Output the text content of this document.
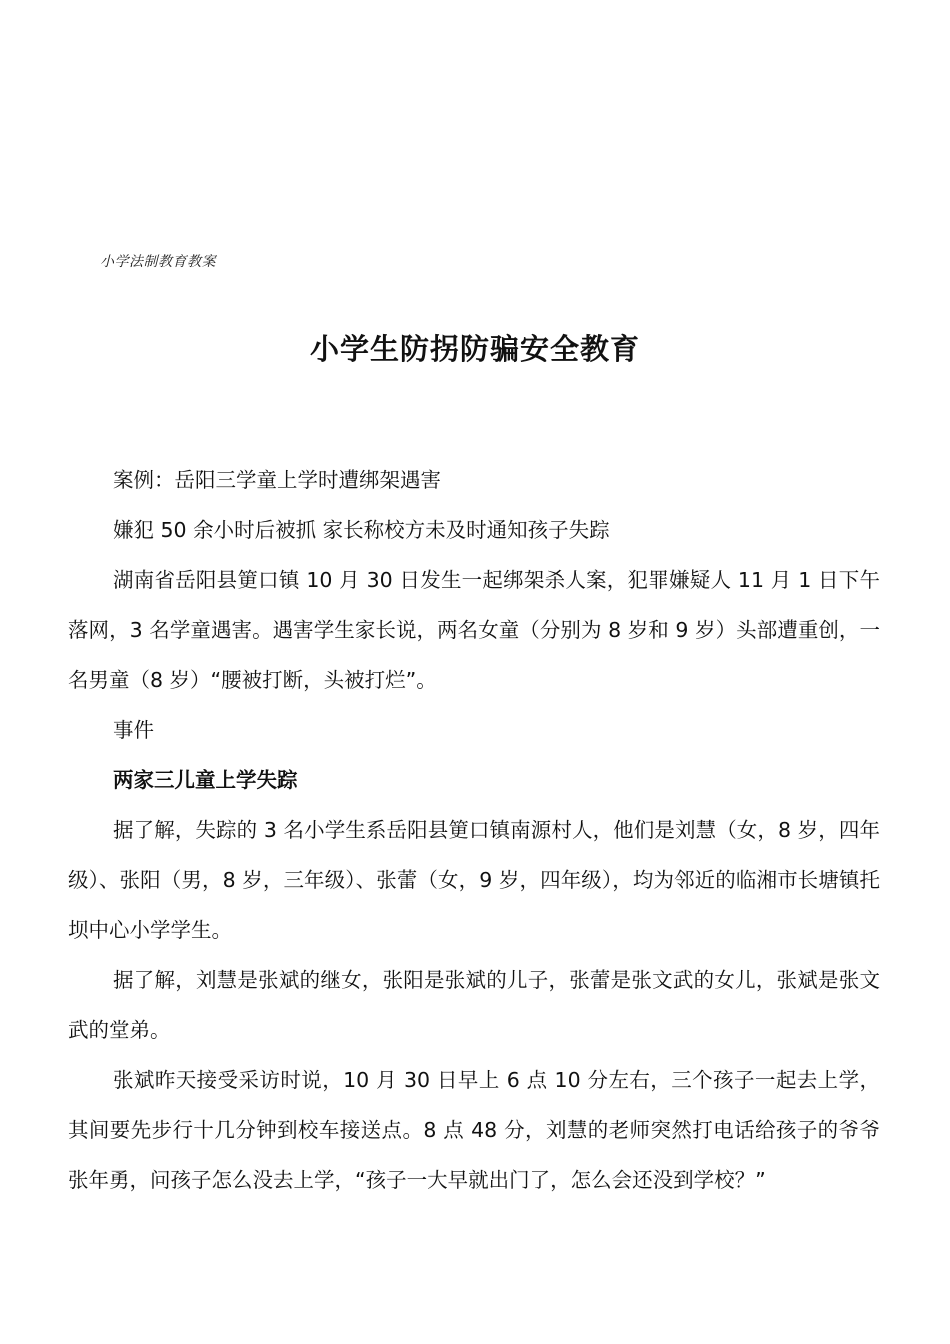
小学法制教育教案
小学生防拐防骗安全教育

案例：岳阳三学童上学时遭绑架遇害

嫌犯 50 余小时后被抓 家长称校方未及时通知孩子失踪

湖南省岳阳县筻口镇 10 月 30 日发生一起绑架杀人案，犯罪嫌疑人 11 月 1 日下午落网，3 名学童遇害。遇害学生家长说，两名女童（分别为 8 岁和 9 岁）头部遭重创，一名男童（8 岁）“腰被打断，头被打烂”。

事件

两家三儿童上学失踪

据了解，失踪的 3 名小学生系岳阳县筻口镇南源村人，他们是刘慧（女，8 岁，四年级）、张阳（男，8 岁，三年级）、张蕾（女，9 岁，四年级），均为邻近的临湘市长塘镇托坝中心小学学生。

据了解，刘慧是张斌的继女，张阳是张斌的儿子，张蕾是张文武的女儿，张斌是张文武的堂弟。

张斌昨天接受采访时说，10 月 30 日早上 6 点 10 分左右，三个孩子一起去上学，其间要先步行十几分钟到校车接送点。8 点 48 分，刘慧的老师突然打电话给孩子的爷爷张年勇，问孩子怎么没去上学，“孩子一大早就出门了，怎么会还没到学校？”
